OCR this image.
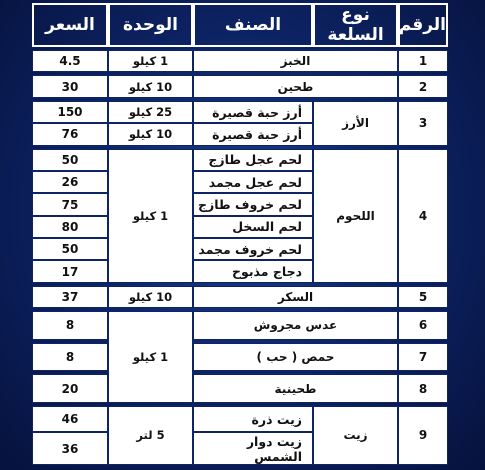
الرقم	نوع السلعة	الصنف	الوحدة	السعر

1	الخبز		1 كيلو	4.5

2	طحين		10 كيلو	30

3	الأرز	أرز حبة قصيرة	25 كيلو	150
		أرز حبة قصيرة	10 كيلو	76

4	اللحوم	لحم عجل طازج	1 كيلو	50
		لحم عجل مجمد		26
		لحم خروف طازج		75
		لحم السخل		80
		لحم خروف مجمد		50
		دجاج مذبوح		17

5	السكر		10 كيلو	37

6	عدس مجروش		1 كيلو	8

7	حمص ( حب )			8

8	طحينية			20

9	زيت	زيت ذرة	5 لتر	46
		زيت دوار الشمس		36
